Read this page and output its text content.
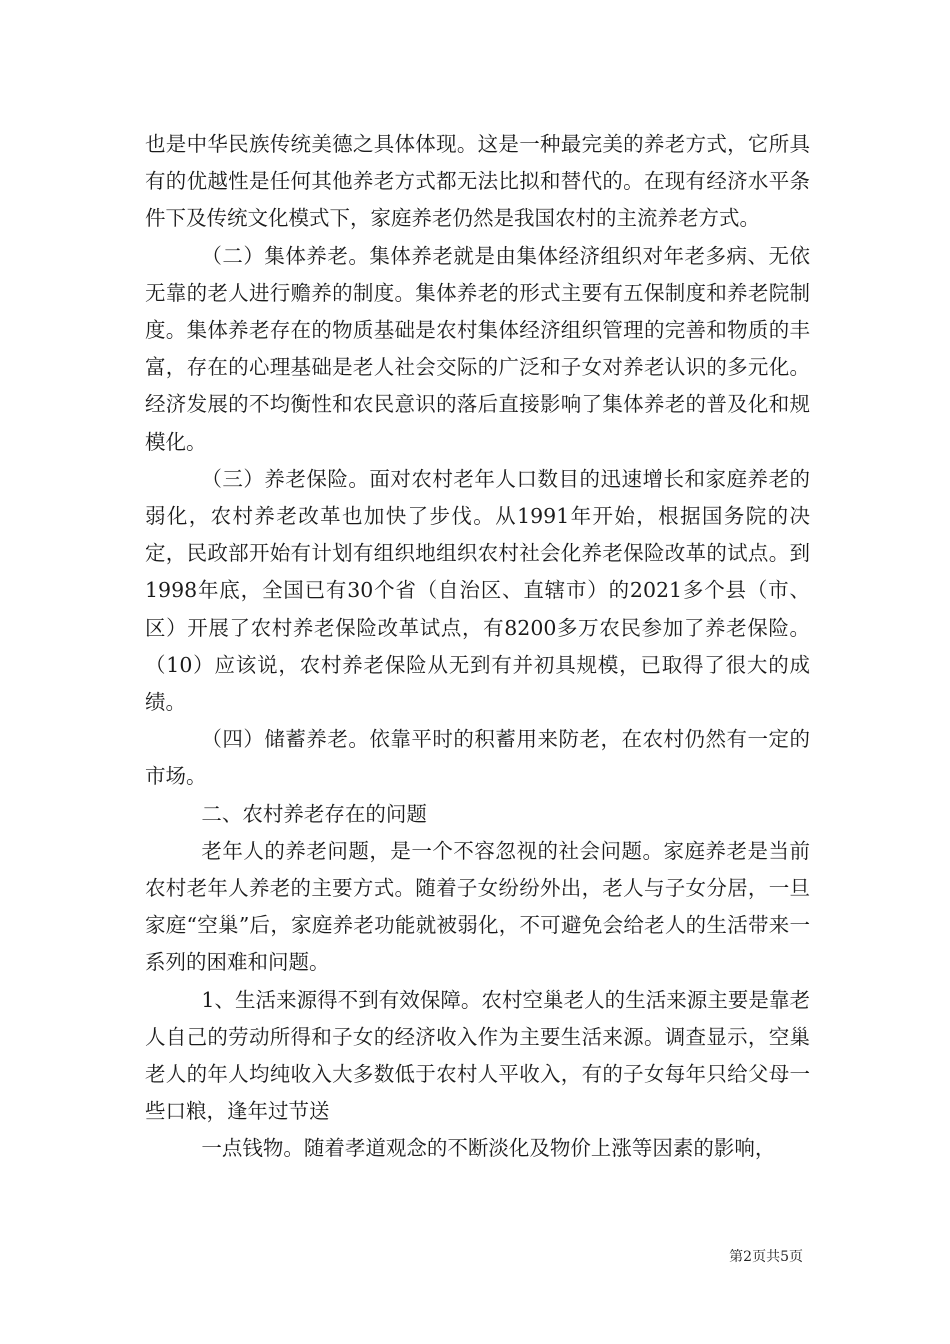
也是中华民族传统美德之具体体现。这是一种最完美的养老方式，它所具有的优越性是任何其他养老方式都无法比拟和替代的。在现有经济水平条件下及传统文化模式下，家庭养老仍然是我国农村的主流养老方式。

（二）集体养老。集体养老就是由集体经济组织对年老多病、无依无靠的老人进行赡养的制度。集体养老的形式主要有五保制度和养老院制度。集体养老存在的物质基础是农村集体经济组织管理的完善和物质的丰富，存在的心理基础是老人社会交际的广泛和子女对养老认识的多元化。经济发展的不均衡性和农民意识的落后直接影响了集体养老的普及化和规模化。

（三）养老保险。面对农村老年人口数目的迅速增长和家庭养老的弱化，农村养老改革也加快了步伐。从1991年开始，根据国务院的决定，民政部开始有计划有组织地组织农村社会化养老保险改革的试点。到1998年底，全国已有30个省（自治区、直辖市）的2021多个县（市、区）开展了农村养老保险改革试点，有8200多万农民参加了养老保险。（10）应该说，农村养老保险从无到有并初具规模，已取得了很大的成绩。

（四）储蓄养老。依靠平时的积蓄用来防老，在农村仍然有一定的市场。

二、农村养老存在的问题

老年人的养老问题，是一个不容忽视的社会问题。家庭养老是当前农村老年人养老的主要方式。随着子女纷纷外出，老人与子女分居，一旦家庭“空巢”后，家庭养老功能就被弱化，不可避免会给老人的生活带来一系列的困难和问题。

1、生活来源得不到有效保障。农村空巢老人的生活来源主要是靠老人自己的劳动所得和子女的经济收入作为主要生活来源。调查显示，空巢老人的年人均纯收入大多数低于农村人平收入，有的子女每年只给父母一些口粮，逢年过节送

一点钱物。随着孝道观念的不断淡化及物价上涨等因素的影响，

第2页共5页
